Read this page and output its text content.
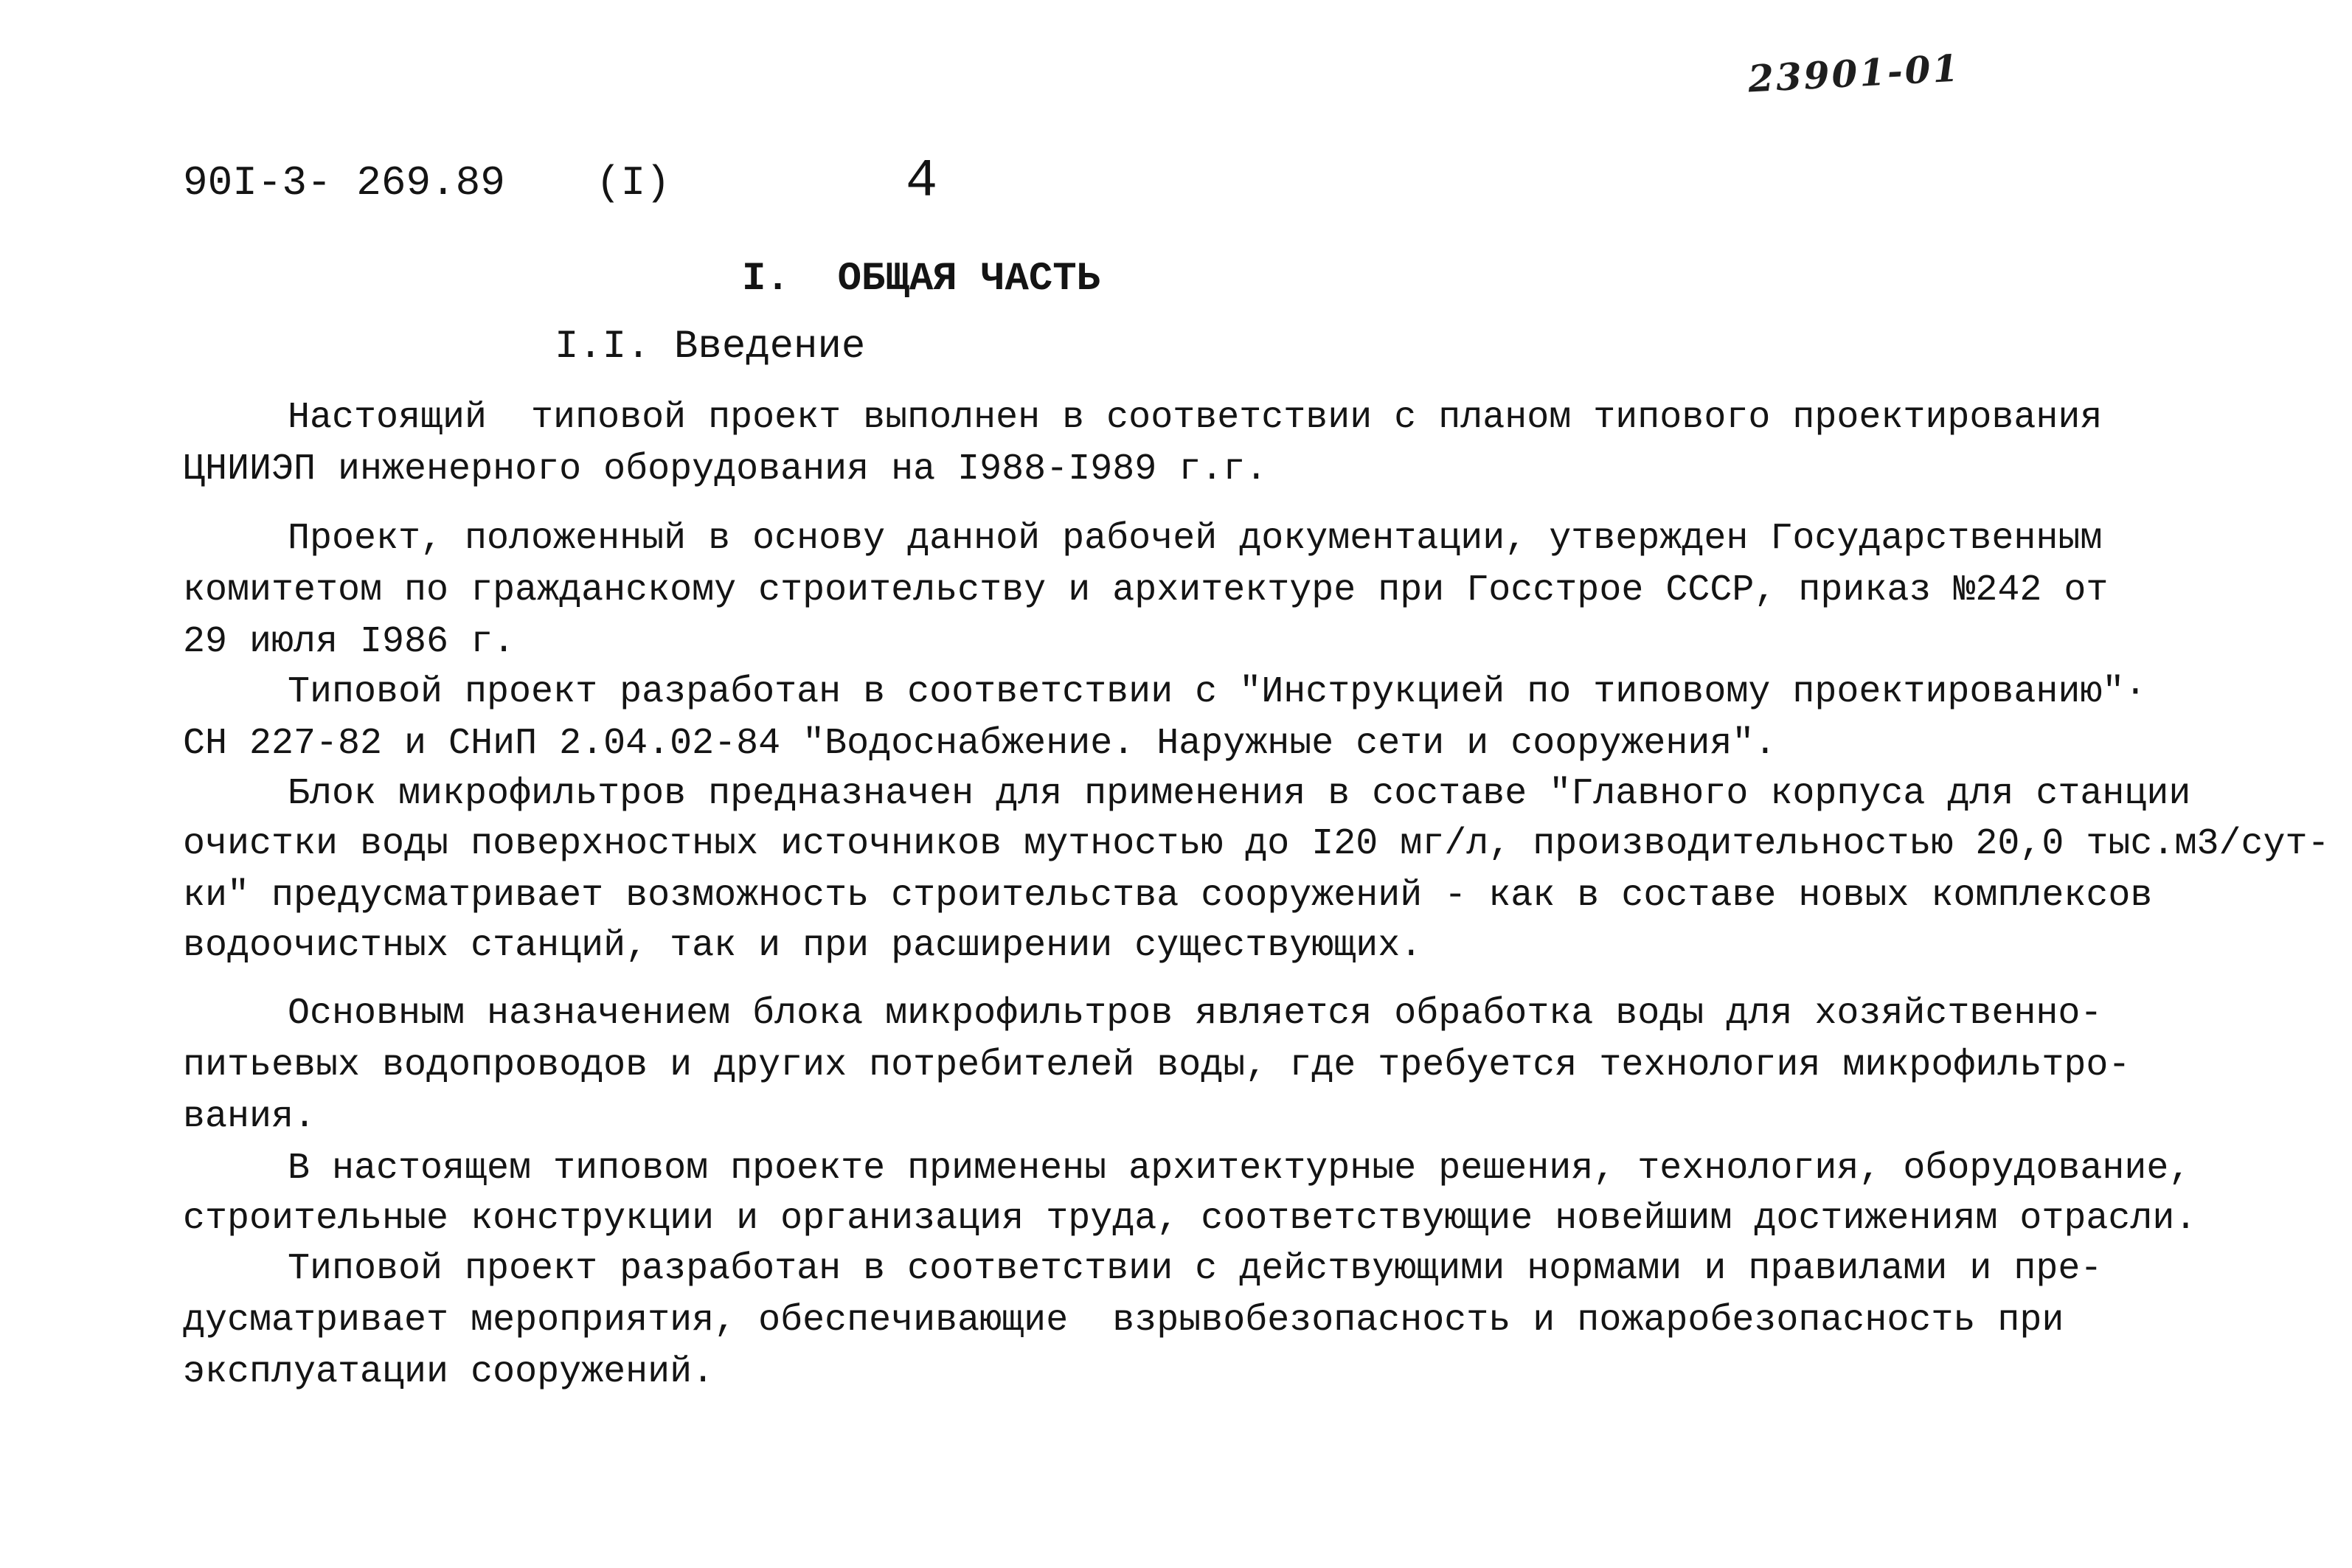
23901-01
90I-3- 269.89 (I)	4
I.  ОБЩАЯ ЧАСТЬ
I.I. Введение
Настоящий  типовой проект выполнен в соответствии с планом типового проектирования
ЦНИИЭП инженерного оборудования на I988-I989 г.г.
Проект, положенный в основу данной рабочей документации, утвержден Государственным
комитетом по гражданскому строительству и архитектуре при Госстрое СССР, приказ №242 от
29 июля I986 г.
Типовой проект разработан в соответствии с "Инструкцией по типовому проектированию"·
СН 227-82 и СНиП 2.04.02-84 "Водоснабжение. Наружные сети и сооружения".
Блок микрофильтров предназначен для применения в составе "Главного корпуса для станции
очистки воды поверхностных источников мутностью до I20 мг/л, производительностью 20,0 тыс.м3/сут-
ки" предусматривает возможность строительства сооружений - как в составе новых комплексов
водоочистных станций, так и при расширении существующих.
Основным назначением блока микрофильтров является обработка воды для хозяйственно-
питьевых водопроводов и других потребителей воды, где требуется технология микрофильтро-
вания.
В настоящем типовом проекте применены архитектурные решения, технология, оборудование,
строительные конструкции и организация труда, соответствующие новейшим достижениям отрасли.
Типовой проект разработан в соответствии с действующими нормами и правилами и пре-
дусматривает мероприятия, обеспечивающие  взрывобезопасность и пожаробезопасность при
эксплуатации сооружений.
